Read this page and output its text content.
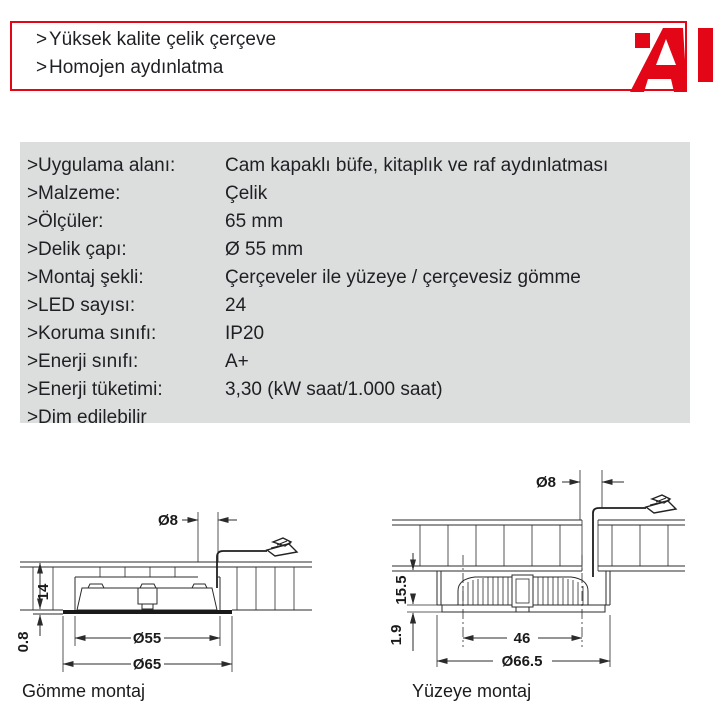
> Yüksek kalite çelik çerçeve
> Homojen aydınlatma
> Uygulama alanı:	Cam kapaklı büfe, kitaplık ve raf aydınlatması
> Malzeme:	Çelik
> Ölçüler:	65 mm
> Delik çapı:	Ø 55 mm
> Montaj şekli:	Çerçeveler ile yüzeye / çerçevesiz gömme
> LED sayısı:	24
> Koruma sınıfı:	IP20
> Enerji sınıfı:	A+
> Enerji tüketimi:	3,30 (kW saat/1.000 saat)
> Dim edilebilir
Ø8
14
0.8	Ø55
Ø65
Gömme montaj
Ø8
15.5
1.9	46
Ø66.5
Yüzeye montaj
